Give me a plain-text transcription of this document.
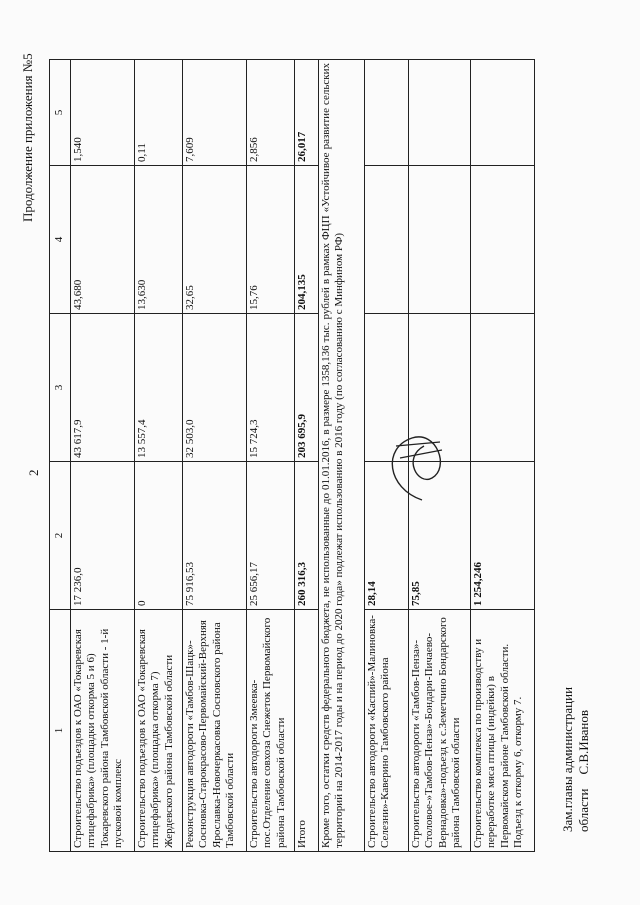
2
Продолжение приложения №5
1	2	3	4	5
Строительство подъездов к ОАО «Токаревская птицефабрика» (площадки откорма 5 и 6) Токаревского района Тамбовской области - 1-й пусковой комплекс	17 236,0	43 617,9	43,680	1,540
Строительство подъездов к ОАО «Токаревская птицефабрика» (площадка откорма 7) Жердевского района Тамбовской области	0	13 557,4	13,630	0,11
Реконструкция автодороги «Тамбов-Шацк»-Сосновка-Старокрасово-Первомайский-Верхняя Ярославка-Новочеркасовка Сосновского района Тамбовской области	75 916,53	32 503,0	32,65	7,609
Строительство автодороги Змеевка-пос.Отделение совхоза Снежеток Первомайского района Тамбовской области	25 656,17	15 724,3	15,76	2,856
Итого	260 316,3	203 695,9	204,135	26,017
Кроме того, остатки средств федерального бюджета, не использованные до 01.01.2016, в размере 1358,136 тыс. рублей в рамках ФЦП «Устойчивое развитие сельских территорий на 2014-2017 годы и на период до 2020 года» подлежат использованию в 2016 году (по согласованию с Минфином РФ)				
Строительство автодороги «Каспий»-Малиновка-Селезни»-Каверино Тамбовского района	28,14			
Строительство автодороги «Тамбов-Пенза»-Столовое-»Тамбов-Пенза»-Бондари-Пичаево-Вернадовка»-подъезд к с.Земетчино Бондарского района Тамбовской области	75,85			
Строительство комплекса по производству и переработке мяса птицы (индейки) в Первомайском районе Тамбовской области. Подъезд к откорму 6, откорму 7.	1 254,246			
Зам.главы администрации областиС.В.Иванов
